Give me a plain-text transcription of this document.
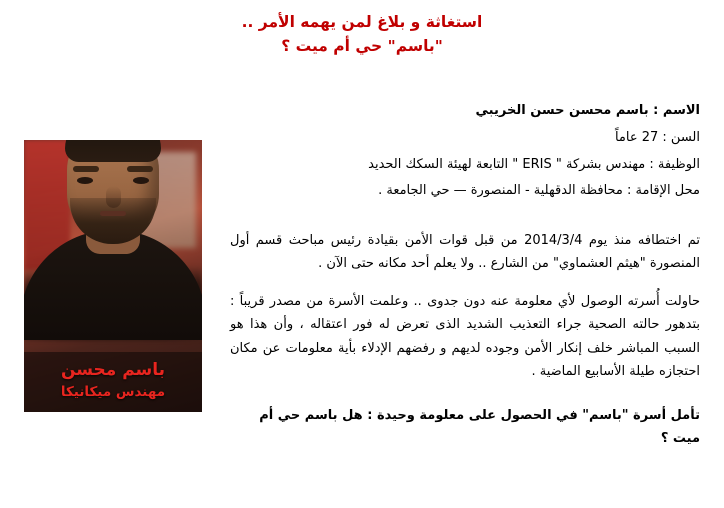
استغاثة و بلاغ لمن يهمه الأمر ..
"باسم" حي أم ميت ؟
باسم محسن
مهندس ميكانيكا
الاسم : باسم محسن حسن الخريبي
السن : 27 عاماً
الوظيفة : مهندس بشركة " ERIS " التابعة لهيئة السكك الحديد
محل الإقامة : محافظة الدقهلية - المنصورة — حي الجامعة .

تم اختطافه منذ يوم 2014/3/4 من قبل قوات الأمن بقيادة رئيس مباحث قسم أول المنصورة "هيثم العشماوي" من الشارع .. ولا يعلم أحد مكانه حتى الآن .

حاولت أُسرته الوصول لأي معلومة عنه دون جدوى .. وعلمت الأسرة من مصدر قريباً : بتدهور حالته الصحية جراء التعذيب الشديد الذى تعرض له فور اعتقاله ، وأن هذا هو السبب المباشر خلف إنكار الأمن وجوده لديهم و رفضهم الإدلاء بأية معلومات عن مكان احتجازه طيلة الأسابيع الماضية .

تأمل أسرة "باسم" في الحصول على معلومة وحيدة : هل باسم حي أم ميت ؟
